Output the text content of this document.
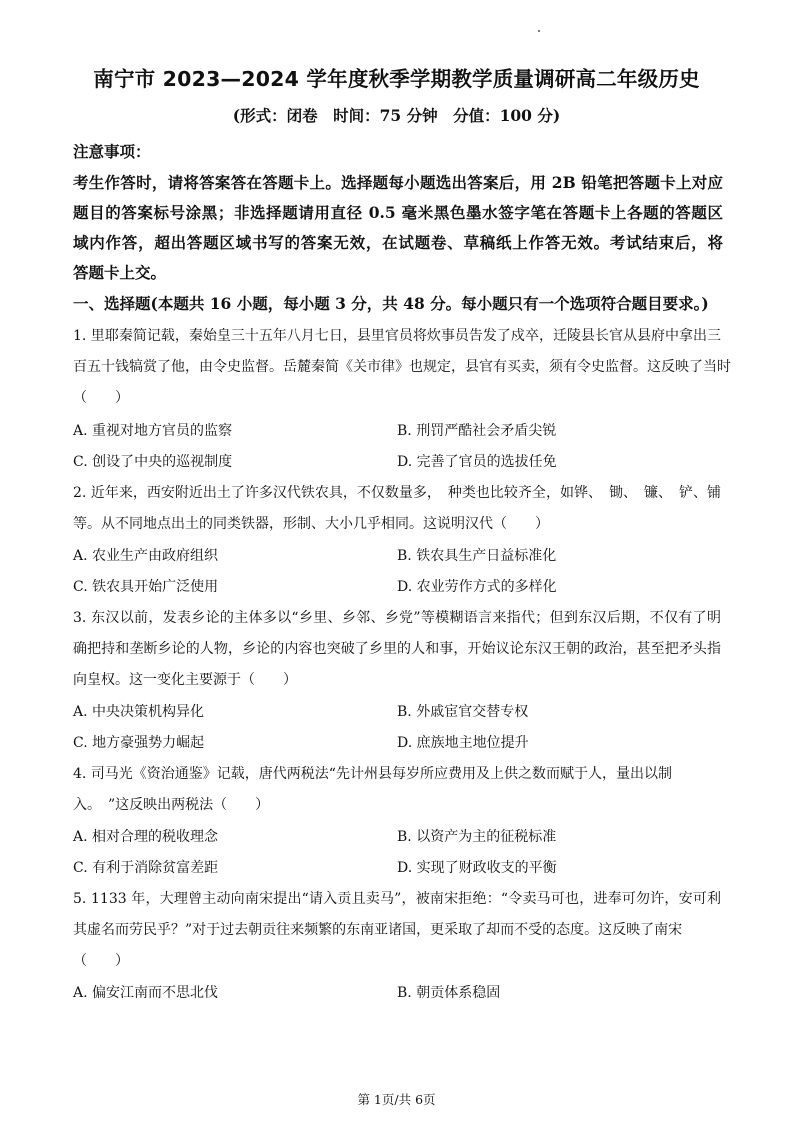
南宁市 2023—2024 学年度秋季学期教学质量调研高二年级历史
(形式：闭卷　时间：75 分钟　分值：100 分)
注意事项：
考生作答时，请将答案答在答题卡上。选择题每小题选出答案后，用 2B 铅笔把答题卡上对应
题目的答案标号涂黑；非选择题请用直径 0.5 毫米黑色墨水签字笔在答题卡上各题的答题区
域内作答，超出答题区域书写的答案无效，在试题卷、草稿纸上作答无效。考试结束后，将
答题卡上交。
一、选择题(本题共 16 小题，每小题 3 分，共 48 分。每小题只有一个选项符合题目要求。)
1. 里耶秦简记载，秦始皇三十五年八月七日，县里官员将炊事员告发了戍卒，迁陵县长官从县府中拿出三
百五十钱犒赏了他，由令史监督。岳麓秦简《关市律》也规定，县官有买卖，须有令史监督。这反映了当时
（　　）
A. 重视对地方官员的监察	B. 刑罚严酷社会矛盾尖锐
C. 创设了中央的巡视制度	D. 完善了官员的选拔任免
2. 近年来，西安附近出土了许多汉代铁农具，不仅数量多，　种类也比较齐全，如铧、　锄、　镰、　铲、铺
等。从不同地点出土的同类铁器，形制、大小几乎相同。这说明汉代（　　）
A. 农业生产由政府组织	B. 铁农具生产日益标准化
C. 铁农具开始广泛使用	D. 农业劳作方式的多样化
3. 东汉以前，发表乡论的主体多以“乡里、乡邻、乡党”等模糊语言来指代；但到东汉后期，不仅有了明
确把持和垄断乡论的人物，乡论的内容也突破了乡里的人和事，开始议论东汉王朝的政治，甚至把矛头指
向皇权。这一变化主要源于（　　）
A. 中央决策机构异化	B. 外戚宦官交替专权
C. 地方豪强势力崛起	D. 庶族地主地位提升
4. 司马光《资治通鉴》记载，唐代两税法“先计州县每岁所应费用及上供之数而赋于人，量出以制
入。　”这反映出两税法（　　）
A. 相对合理的税收理念	B. 以资产为主的征税标准
C. 有利于消除贫富差距	D. 实现了财政收支的平衡
5. 1133 年，大理曾主动向南宋提出“请入贡且卖马”，被南宋拒绝：“令卖马可也，进奉可勿许，安可利
其虚名而劳民乎？”对于过去朝贡往来频繁的东南亚诸国，更采取了却而不受的态度。这反映了南宋
（　　）
A. 偏安江南而不思北伐	B. 朝贡体系稳固
第 1页/共 6页
